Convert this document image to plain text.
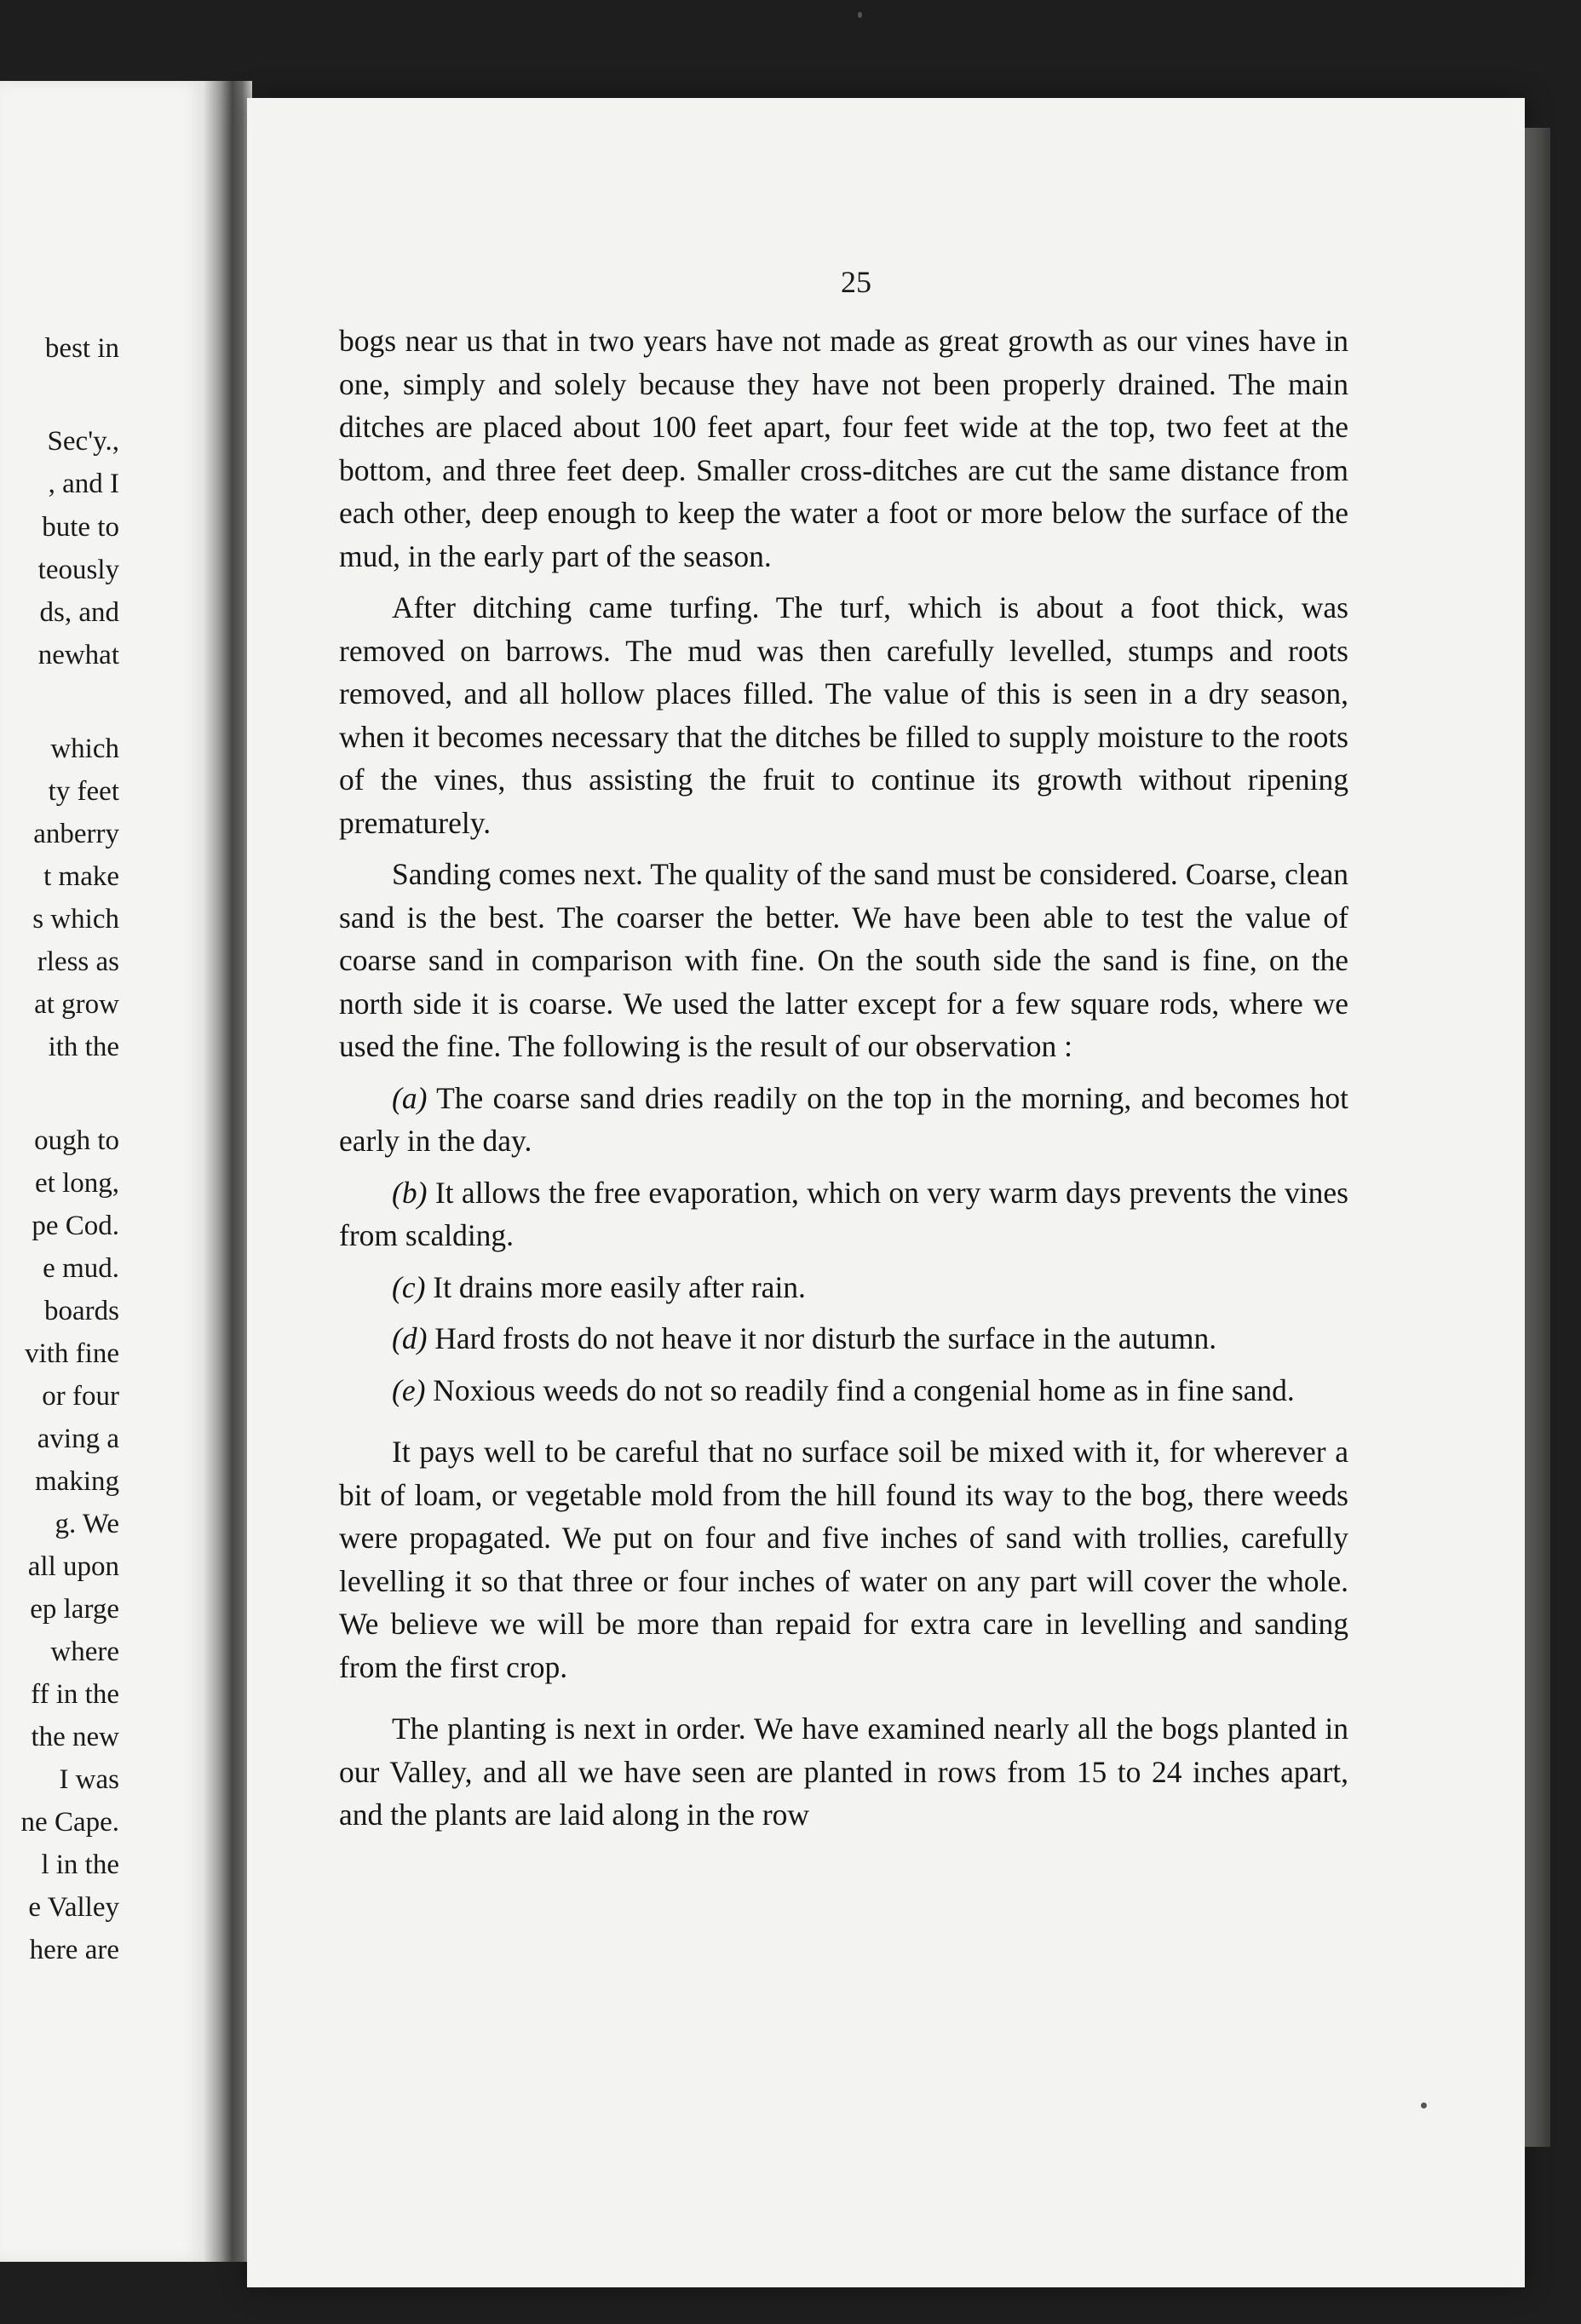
best in

Sec'y.,

, and I

bute to

teously

ds, and

newhat

which

ty feet

anberry

t make

s which

rless as

at grow

ith the

ough to

et long,

pe Cod.

e mud.

boards

vith fine

or four

aving a

making

g. We

all upon

ep large

where

ff in the

the new

I was

ne Cape.

l in the

e Valley

here are

25

bogs near us that in two years have not made as great growth as our vines have in one, simply and solely because they have not been properly drained. The main ditches are placed about 100 feet apart, four feet wide at the top, two feet at the bottom, and three feet deep. Smaller cross-ditches are cut the same distance from each other, deep enough to keep the water a foot or more below the surface of the mud, in the early part of the season.

After ditching came turfing. The turf, which is about a foot thick, was removed on barrows. The mud was then carefully levelled, stumps and roots removed, and all hollow places filled. The value of this is seen in a dry season, when it becomes necessary that the ditches be filled to supply moisture to the roots of the vines, thus assisting the fruit to continue its growth without ripening prematurely.

Sanding comes next. The quality of the sand must be considered. Coarse, clean sand is the best. The coarser the better. We have been able to test the value of coarse sand in comparison with fine. On the south side the sand is fine, on the north side it is coarse. We used the latter except for a few square rods, where we used the fine. The following is the result of our observation :

(a) The coarse sand dries readily on the top in the morning, and becomes hot early in the day.

(b) It allows the free evaporation, which on very warm days prevents the vines from scalding.

(c) It drains more easily after rain.

(d) Hard frosts do not heave it nor disturb the surface in the autumn.

(e) Noxious weeds do not so readily find a congenial home as in fine sand.

It pays well to be careful that no surface soil be mixed with it, for wherever a bit of loam, or vegetable mold from the hill found its way to the bog, there weeds were propagated. We put on four and five inches of sand with trollies, carefully levelling it so that three or four inches of water on any part will cover the whole. We believe we will be more than repaid for extra care in levelling and sanding from the first crop.

The planting is next in order. We have examined nearly all the bogs planted in our Valley, and all we have seen are planted in rows from 15 to 24 inches apart, and the plants are laid along in the row
